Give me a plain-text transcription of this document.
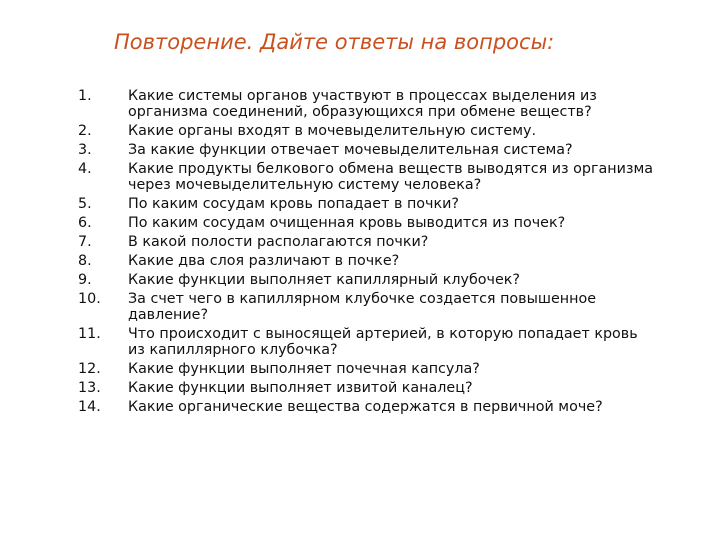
Повторение. Дайте ответы на вопросы:
1.	Какие системы органов участвуют в процессах выделения из
организма соединений, образующихся при обмене веществ?
2.	Какие органы входят в мочевыделительную систему.
3.	За какие функции отвечает мочевыделительная система?
4.	Какие продукты белкового обмена веществ выводятся из организма
через мочевыделительную систему человека?
5.	По каким сосудам кровь попадает в почки?
6.	По каким сосудам очищенная кровь выводится из почек?
7.	В какой полости располагаются почки?
8.	Какие два слоя различают в почке?
9.	Какие функции выполняет капиллярный клубочек?
10.	За счет чего в капиллярном клубочке создается повышенное
давление?
11.	Что происходит с выносящей артерией, в которую попадает кровь
из капиллярного клубочка?
12.	Какие функции выполняет почечная капсула?
13.	Какие функции выполняет извитой каналец?
14.	Какие органические вещества содержатся в первичной моче?
